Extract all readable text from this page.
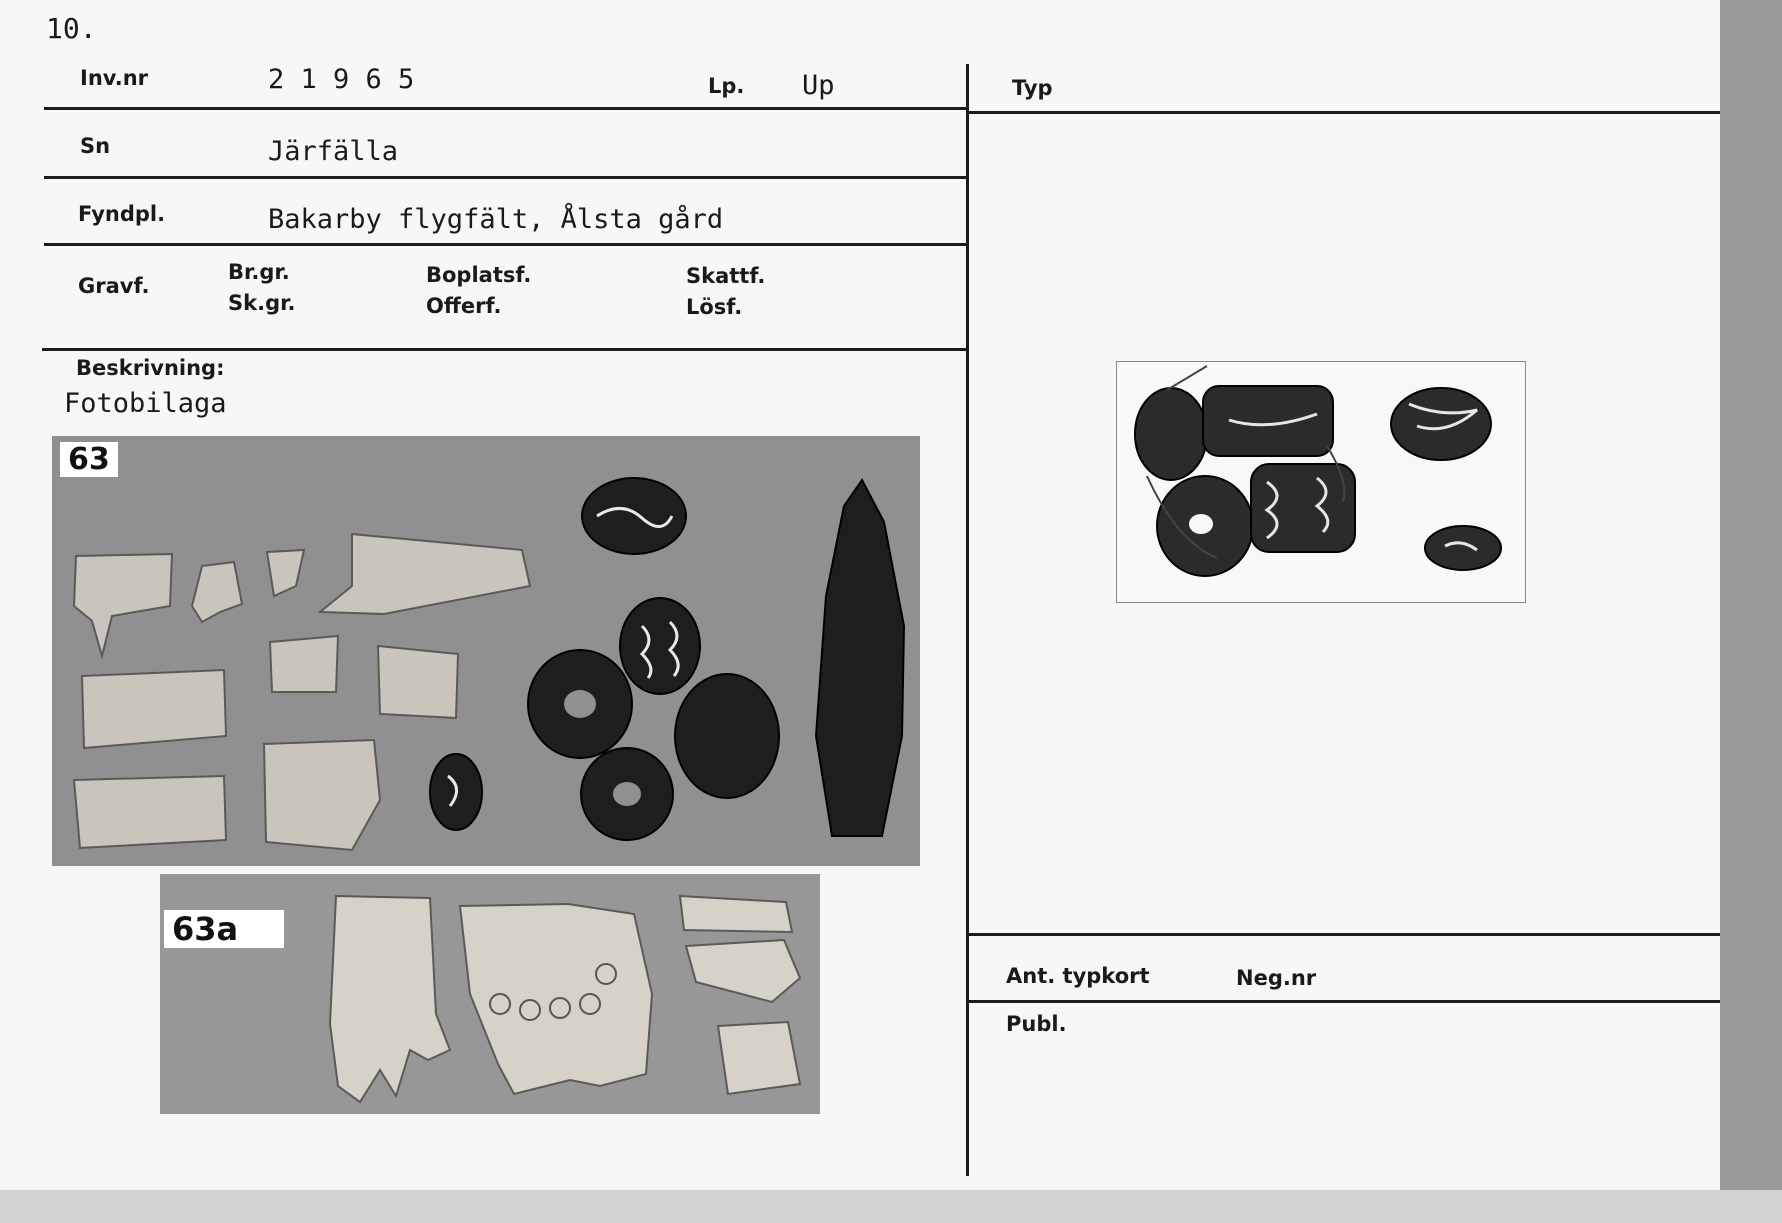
10.
Inv.nr	2 1 9 6 5	Lp. Up	Typ
Sn	Järfälla
Fyndpl.	Bakarby flygfält, Ålsta gård
Gravf.
Br.gr.
Sk.gr.
Boplatsf.
Offerf.
Skattf.
Lösf.
Beskrivning:
Fotobilaga
Ant. typkort	Neg.nr
Publ.
63
63a
